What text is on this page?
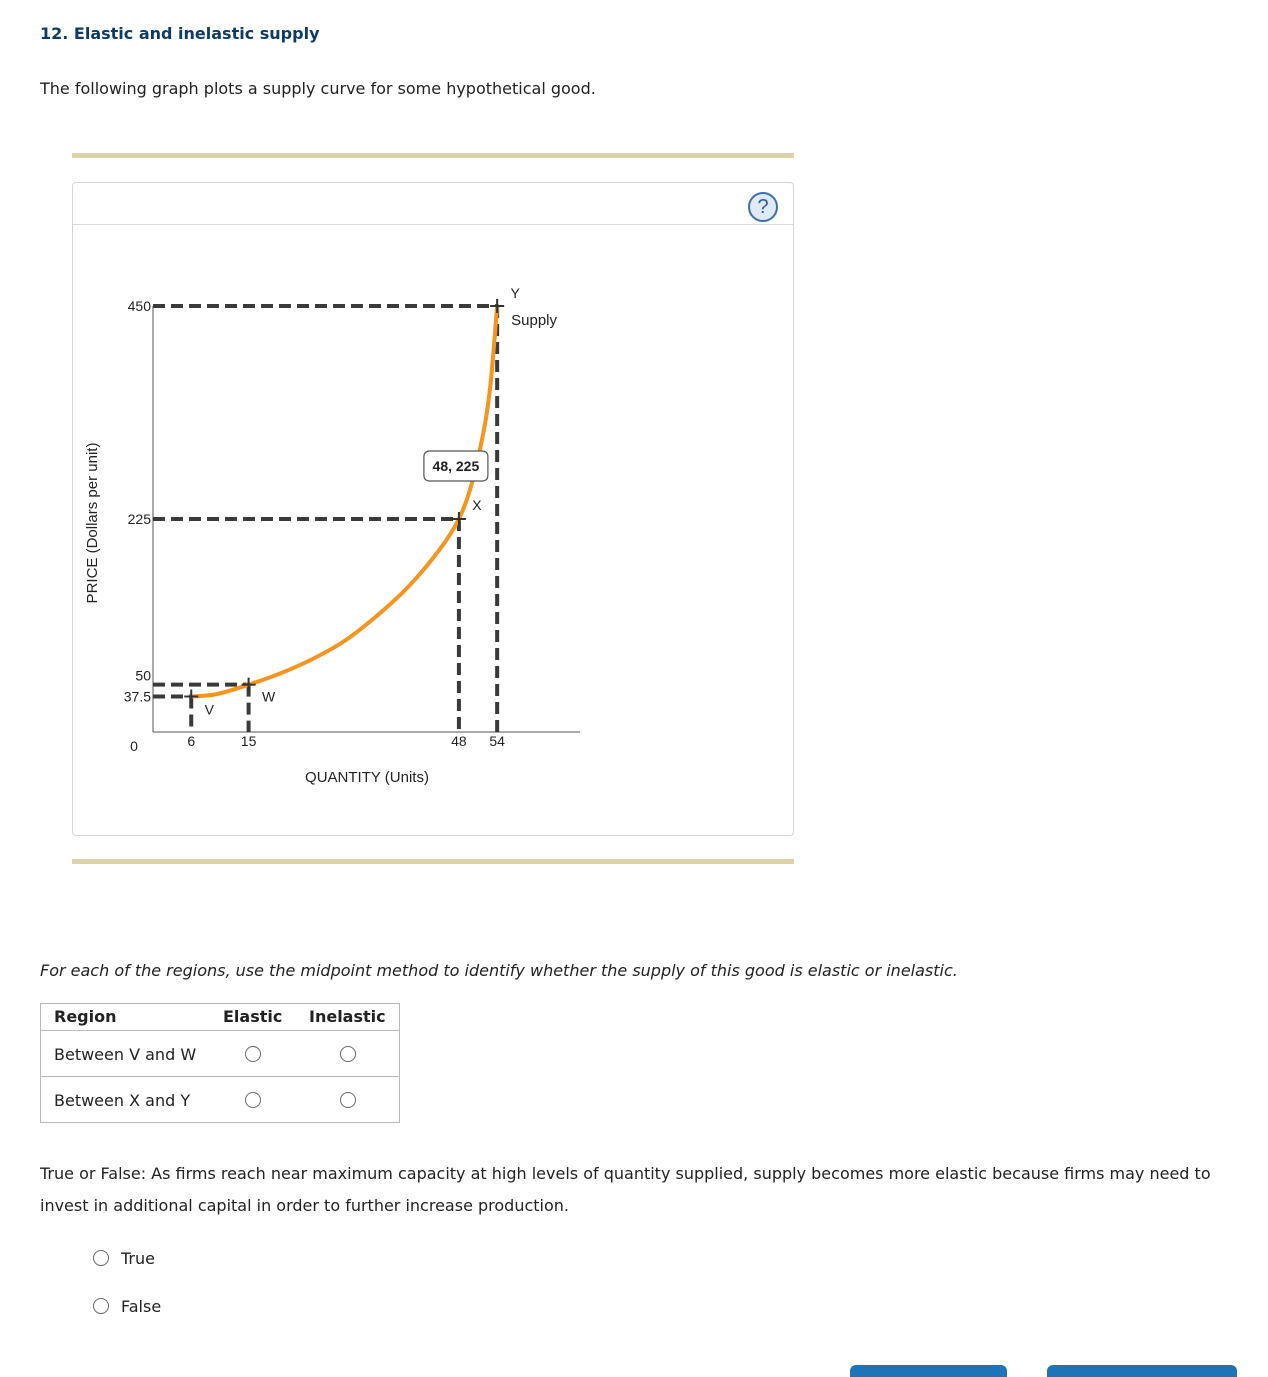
12. Elastic and inelastic supply
The following graph plots a supply curve for some hypothetical good.
?
V
W
X
Y
Supply
6	15	48 54
37.5
50
225
450
0
QUANTITY (Units)
PRICE (Dollars per unit)	48, 225
For each of the regions, use the midpoint method to identify whether the supply of this good is elastic or inelastic.
Region	Elastic Inelastic
Between V and W
Between X and Y
True or False: As firms reach near maximum capacity at high levels of quantity supplied, supply becomes more elastic because firms may need to invest in additional capital in order to further increase production.
True
False
